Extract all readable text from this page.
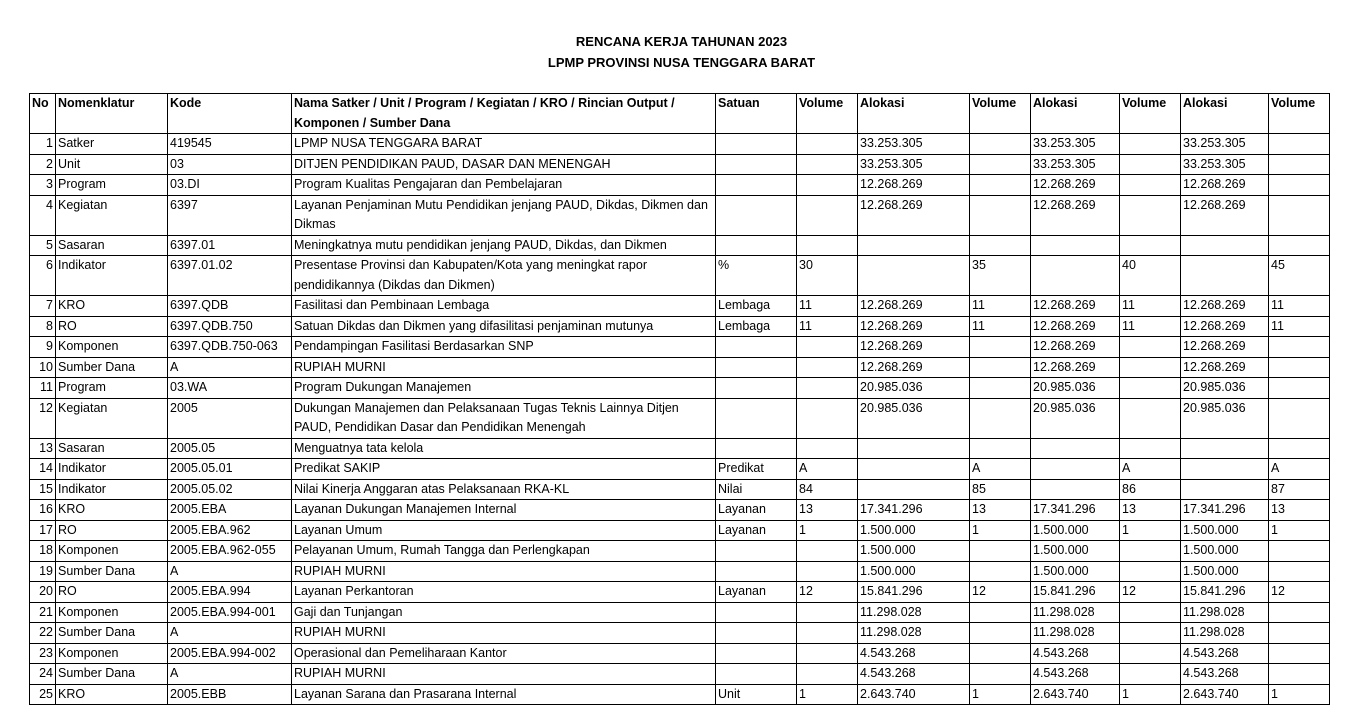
RENCANA KERJA TAHUNAN 2023
LPMP PROVINSI NUSA TENGGARA BARAT
No	Nomenklatur	Kode	Nama Satker / Unit / Program / Kegiatan / KRO / Rincian Output / Komponen / Sumber Dana	Satuan	Volume	Alokasi	Volume	Alokasi	Volume	Alokasi	Volume
1	Satker	419545	LPMP NUSA TENGGARA BARAT			33.253.305		33.253.305		33.253.305	
2	Unit	03	DITJEN PENDIDIKAN PAUD, DASAR DAN MENENGAH			33.253.305		33.253.305		33.253.305	
3	Program	03.DI	Program Kualitas Pengajaran dan Pembelajaran			12.268.269		12.268.269		12.268.269	
4	Kegiatan	6397	Layanan Penjaminan Mutu Pendidikan jenjang PAUD, Dikdas, Dikmen dan Dikmas			12.268.269		12.268.269		12.268.269	
5	Sasaran	6397.01	Meningkatnya mutu pendidikan jenjang PAUD, Dikdas, dan Dikmen								
6	Indikator	6397.01.02	Presentase Provinsi dan Kabupaten/Kota yang meningkat rapor pendidikannya (Dikdas dan Dikmen)	%	30		35		40		45
7	KRO	6397.QDB	Fasilitasi dan Pembinaan Lembaga	Lembaga	11	12.268.269	11	12.268.269	11	12.268.269	11
8	RO	6397.QDB.750	Satuan Dikdas dan Dikmen yang difasilitasi penjaminan mutunya	Lembaga	11	12.268.269	11	12.268.269	11	12.268.269	11
9	Komponen	6397.QDB.750-063	Pendampingan Fasilitasi Berdasarkan SNP			12.268.269		12.268.269		12.268.269	
10	Sumber Dana	A	RUPIAH MURNI			12.268.269		12.268.269		12.268.269	
11	Program	03.WA	Program Dukungan Manajemen			20.985.036		20.985.036		20.985.036	
12	Kegiatan	2005	Dukungan Manajemen dan Pelaksanaan Tugas Teknis Lainnya Ditjen PAUD, Pendidikan Dasar dan Pendidikan Menengah			20.985.036		20.985.036		20.985.036	
13	Sasaran	2005.05	Menguatnya tata kelola								
14	Indikator	2005.05.01	Predikat SAKIP	Predikat	A		A		A		A
15	Indikator	2005.05.02	Nilai Kinerja Anggaran atas Pelaksanaan RKA-KL	Nilai	84		85		86		87
16	KRO	2005.EBA	Layanan Dukungan Manajemen Internal	Layanan	13	17.341.296	13	17.341.296	13	17.341.296	13
17	RO	2005.EBA.962	Layanan Umum	Layanan	1	1.500.000	1	1.500.000	1	1.500.000	1
18	Komponen	2005.EBA.962-055	Pelayanan Umum, Rumah Tangga dan Perlengkapan			1.500.000		1.500.000		1.500.000	
19	Sumber Dana	A	RUPIAH MURNI			1.500.000		1.500.000		1.500.000	
20	RO	2005.EBA.994	Layanan Perkantoran	Layanan	12	15.841.296	12	15.841.296	12	15.841.296	12
21	Komponen	2005.EBA.994-001	Gaji dan Tunjangan			11.298.028		11.298.028		11.298.028	
22	Sumber Dana	A	RUPIAH MURNI			11.298.028		11.298.028		11.298.028	
23	Komponen	2005.EBA.994-002	Operasional dan Pemeliharaan Kantor			4.543.268		4.543.268		4.543.268	
24	Sumber Dana	A	RUPIAH MURNI			4.543.268		4.543.268		4.543.268	
25	KRO	2005.EBB	Layanan Sarana dan Prasarana Internal	Unit	1	2.643.740	1	2.643.740	1	2.643.740	1
